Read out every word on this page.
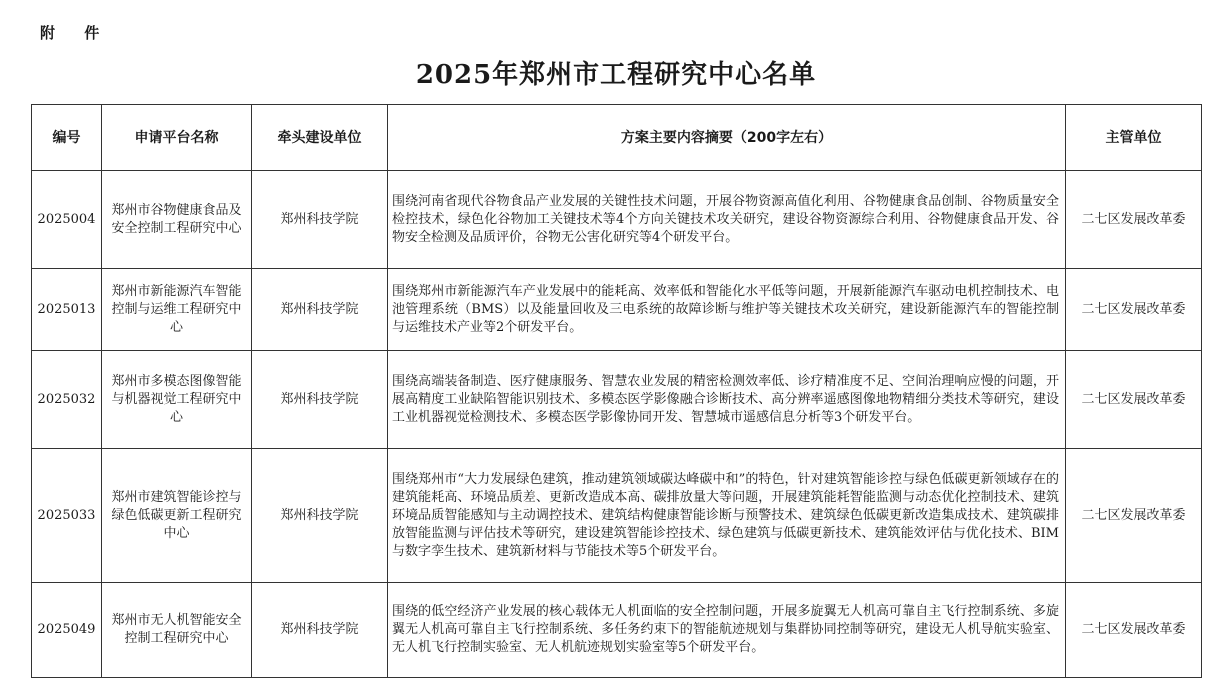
附 件
2025年郑州市工程研究中心名单
编号	申请平台名称	牵头建设单位	方案主要内容摘要（200字左右）	主管单位
2025004	郑州市谷物健康食品及安全控制工程研究中心	郑州科技学院	围绕河南省现代谷物食品产业发展的关键性技术问题，开展谷物资源高值化利用、谷物健康食品创制、谷物质量安全检控技术，绿色化谷物加工关键技术等4个方向关键技术攻关研究，建设谷物资源综合利用、谷物健康食品开发、谷物安全检测及品质评价，谷物无公害化研究等4个研发平台。	二七区发展改革委
2025013	郑州市新能源汽车智能控制与运维工程研究中心	郑州科技学院	围绕郑州市新能源汽车产业发展中的能耗高、效率低和智能化水平低等问题，开展新能源汽车驱动电机控制技术、电池管理系统（BMS）以及能量回收及三电系统的故障诊断与维护等关键技术攻关研究，建设新能源汽车的智能控制与运维技术产业等2个研发平台。	二七区发展改革委
2025032	郑州市多模态图像智能与机器视觉工程研究中心	郑州科技学院	围绕高端装备制造、医疗健康服务、智慧农业发展的精密检测效率低、诊疗精准度不足、空间治理响应慢的问题，开展高精度工业缺陷智能识别技术、多模态医学影像融合诊断技术、高分辨率遥感图像地物精细分类技术等研究，建设工业机器视觉检测技术、多模态医学影像协同开发、智慧城市遥感信息分析等3个研发平台。	二七区发展改革委
2025033	郑州市建筑智能诊控与绿色低碳更新工程研究中心	郑州科技学院	围绕郑州市“大力发展绿色建筑，推动建筑领域碳达峰碳中和”的特色，针对建筑智能诊控与绿色低碳更新领域存在的建筑能耗高、环境品质差、更新改造成本高、碳排放量大等问题，开展建筑能耗智能监测与动态优化控制技术、建筑环境品质智能感知与主动调控技术、建筑结构健康智能诊断与预警技术、建筑绿色低碳更新改造集成技术、建筑碳排放智能监测与评估技术等研究，建设建筑智能诊控技术、绿色建筑与低碳更新技术、建筑能效评估与优化技术、BIM与数字孪生技术、建筑新材料与节能技术等5个研发平台。	二七区发展改革委
2025049	郑州市无人机智能安全控制工程研究中心	郑州科技学院	围绕的低空经济产业发展的核心载体无人机面临的安全控制问题，开展多旋翼无人机高可靠自主飞行控制系统、多旋翼无人机高可靠自主飞行控制系统、多任务约束下的智能航迹规划与集群协同控制等研究，建设无人机导航实验室、无人机飞行控制实验室、无人机航迹规划实验室等5个研发平台。	二七区发展改革委
